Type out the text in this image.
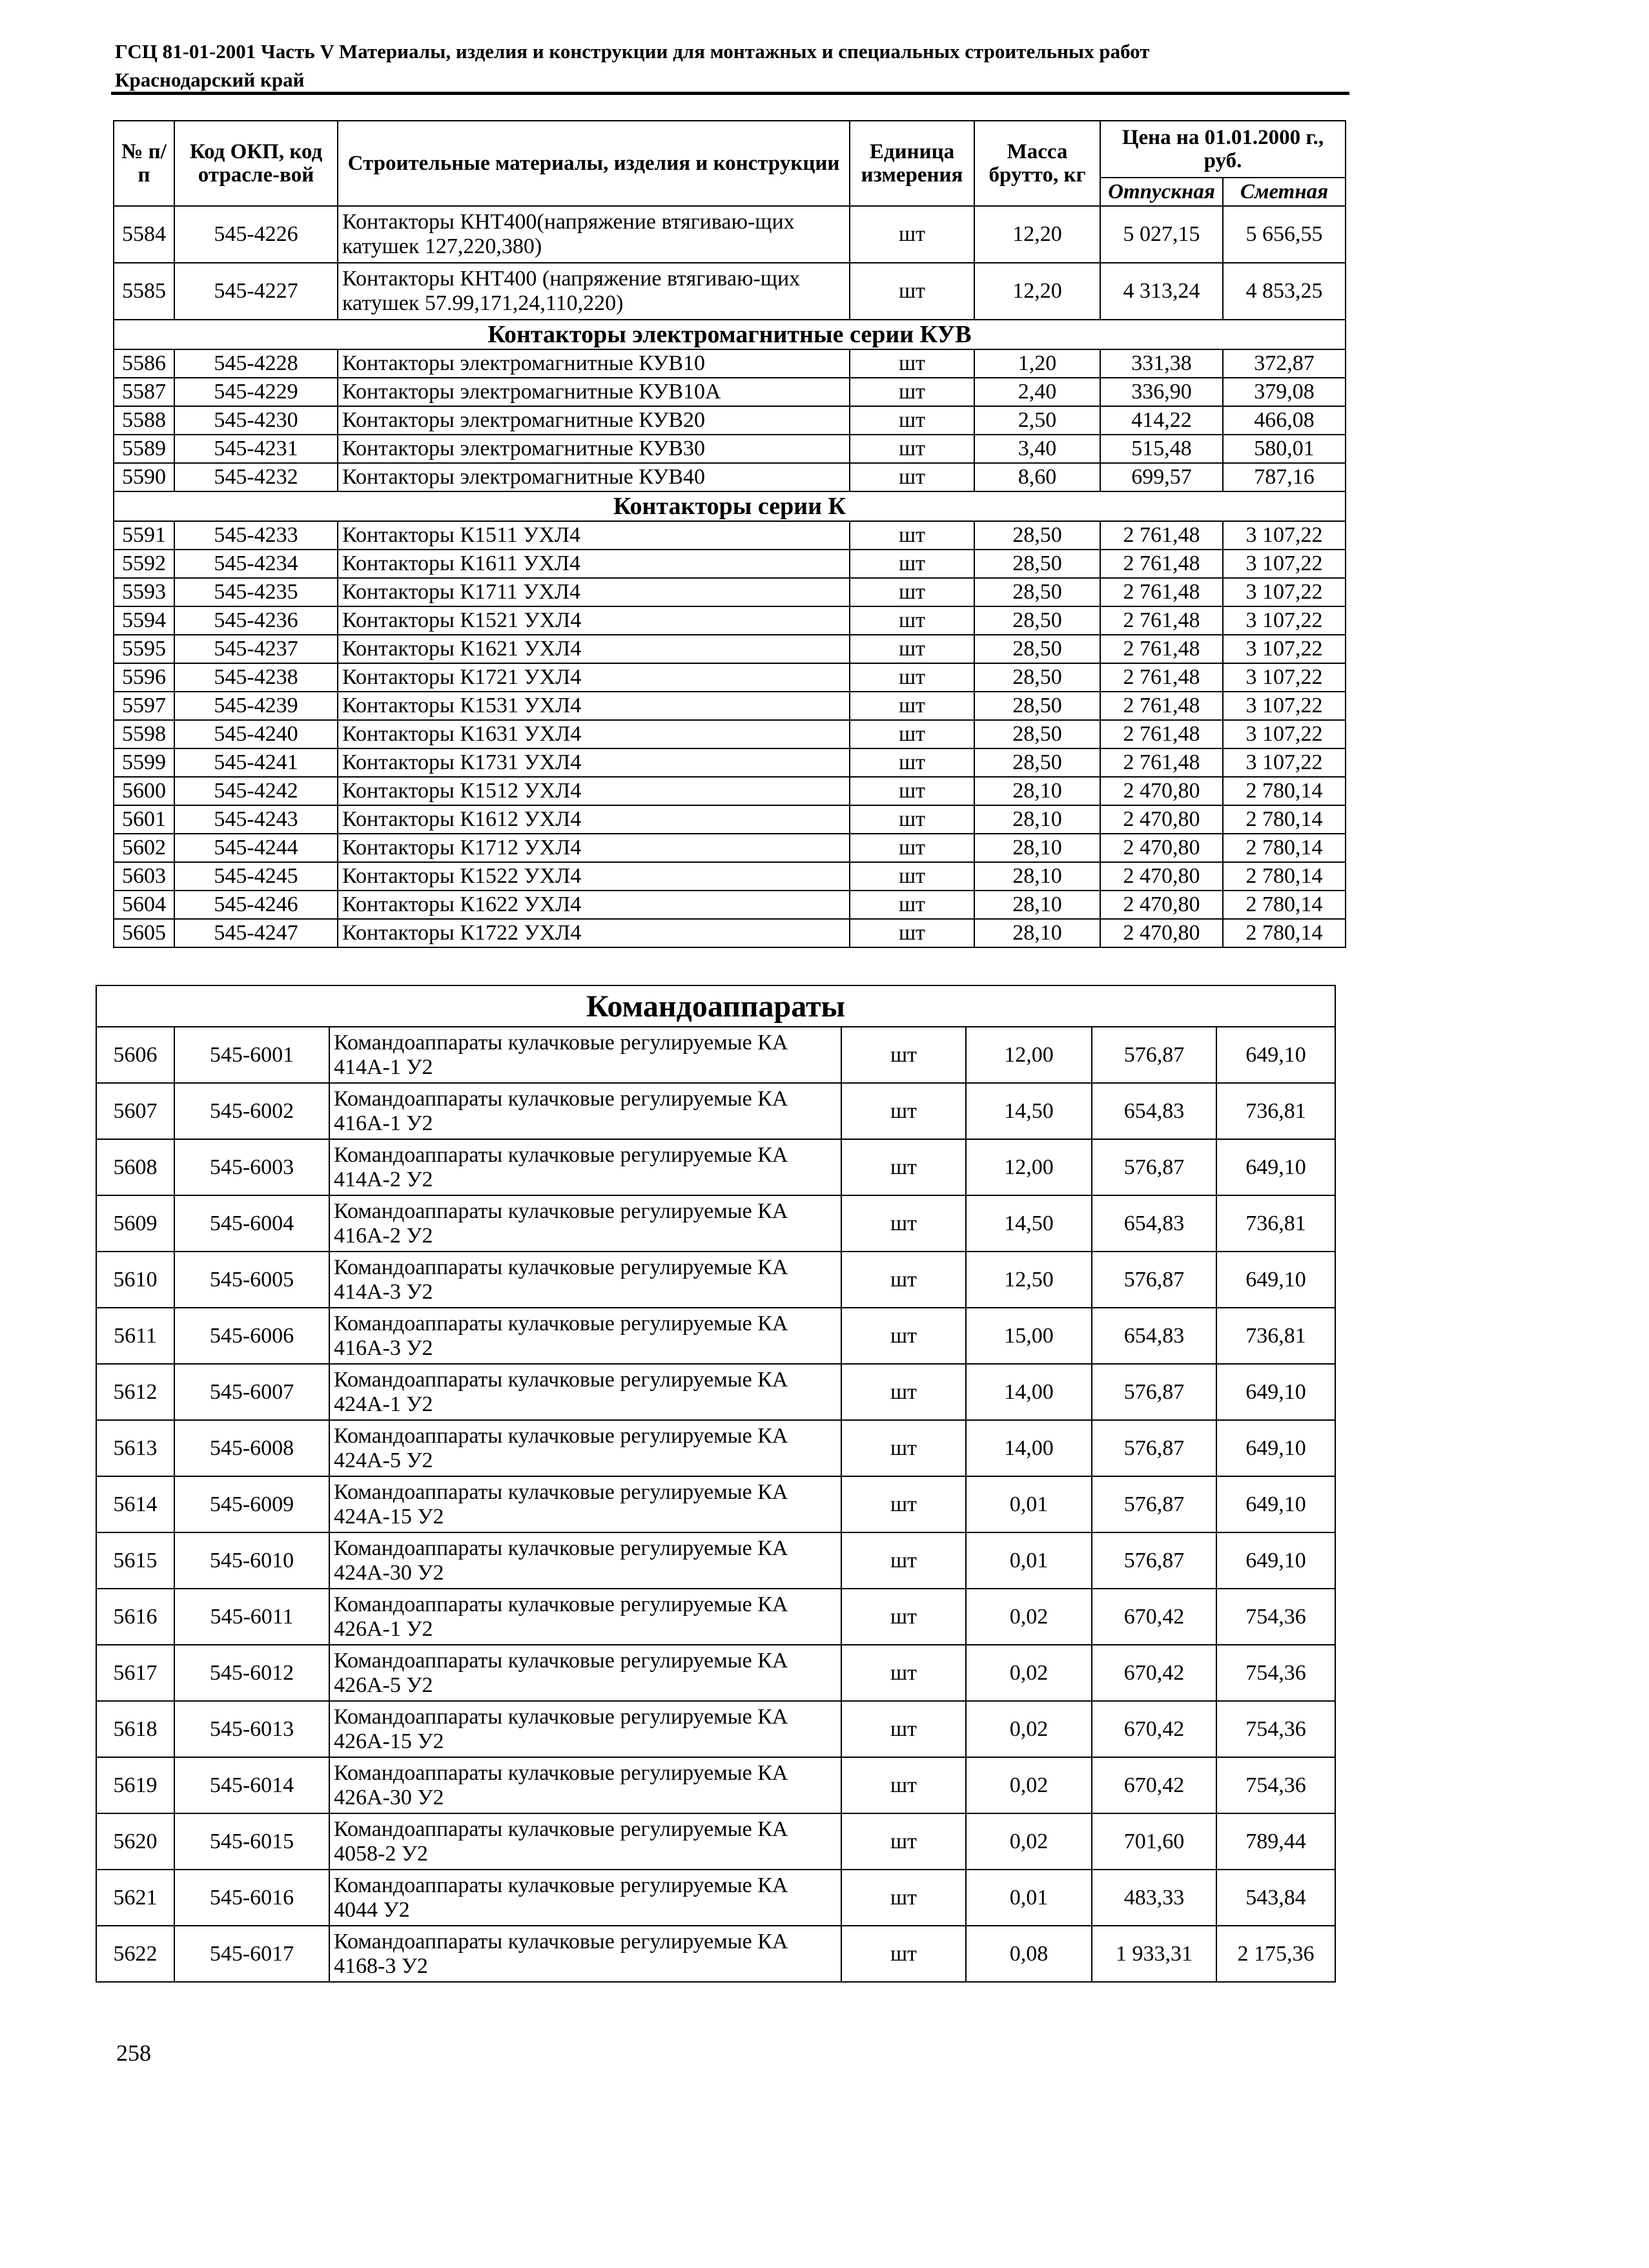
ГСЦ 81-01-2001 Часть V Материалы, изделия и конструкции для монтажных и специальных строительных работ
Краснодарский край
№ п/п	Код ОКП, код отрасле-вой	Строительные материалы, изделия и конструкции	Единица измерения	Масса брутто, кг	Цена на 01.01.2000 г., руб.	
					Отпускная	Сметная
5584	545-4226	Контакторы КНТ400(напряжение втягиваю-щих катушек 127,220,380)	шт	12,20	5 027,15	5 656,55
5585	545-4227	Контакторы КНТ400 (напряжение втягиваю-щих катушек 57.99,171,24,110,220)	шт	12,20	4 313,24	4 853,25
Контакторы электромагнитные серии КУВ						
5586	545-4228	Контакторы электромагнитные КУВ10	шт	1,20	331,38	372,87
5587	545-4229	Контакторы электромагнитные КУВ10А	шт	2,40	336,90	379,08
5588	545-4230	Контакторы электромагнитные КУВ20	шт	2,50	414,22	466,08
5589	545-4231	Контакторы электромагнитные КУВ30	шт	3,40	515,48	580,01
5590	545-4232	Контакторы электромагнитные КУВ40	шт	8,60	699,57	787,16
Контакторы серии К						
5591	545-4233	Контакторы К1511 УХЛ4	шт	28,50	2 761,48	3 107,22
5592	545-4234	Контакторы К1611 УХЛ4	шт	28,50	2 761,48	3 107,22
5593	545-4235	Контакторы К1711 УХЛ4	шт	28,50	2 761,48	3 107,22
5594	545-4236	Контакторы К1521 УХЛ4	шт	28,50	2 761,48	3 107,22
5595	545-4237	Контакторы К1621 УХЛ4	шт	28,50	2 761,48	3 107,22
5596	545-4238	Контакторы К1721 УХЛ4	шт	28,50	2 761,48	3 107,22
5597	545-4239	Контакторы К1531 УХЛ4	шт	28,50	2 761,48	3 107,22
5598	545-4240	Контакторы К1631 УХЛ4	шт	28,50	2 761,48	3 107,22
5599	545-4241	Контакторы К1731 УХЛ4	шт	28,50	2 761,48	3 107,22
5600	545-4242	Контакторы К1512 УХЛ4	шт	28,10	2 470,80	2 780,14
5601	545-4243	Контакторы К1612 УХЛ4	шт	28,10	2 470,80	2 780,14
5602	545-4244	Контакторы К1712 УХЛ4	шт	28,10	2 470,80	2 780,14
5603	545-4245	Контакторы К1522 УХЛ4	шт	28,10	2 470,80	2 780,14
5604	545-4246	Контакторы К1622 УХЛ4	шт	28,10	2 470,80	2 780,14
5605	545-4247	Контакторы К1722 УХЛ4	шт	28,10	2 470,80	2 780,14
Командоаппараты						
5606	545-6001	Командоаппараты кулачковые регулируемые КА 414А-1 У2	шт	12,00	576,87	649,10
5607	545-6002	Командоаппараты кулачковые регулируемые КА 416А-1 У2	шт	14,50	654,83	736,81
5608	545-6003	Командоаппараты кулачковые регулируемые КА 414А-2 У2	шт	12,00	576,87	649,10
5609	545-6004	Командоаппараты кулачковые регулируемые КА 416А-2 У2	шт	14,50	654,83	736,81
5610	545-6005	Командоаппараты кулачковые регулируемые КА 414А-3 У2	шт	12,50	576,87	649,10
5611	545-6006	Командоаппараты кулачковые регулируемые КА 416А-3 У2	шт	15,00	654,83	736,81
5612	545-6007	Командоаппараты кулачковые регулируемые КА 424А-1 У2	шт	14,00	576,87	649,10
5613	545-6008	Командоаппараты кулачковые регулируемые КА 424А-5 У2	шт	14,00	576,87	649,10
5614	545-6009	Командоаппараты кулачковые регулируемые КА 424А-15 У2	шт	0,01	576,87	649,10
5615	545-6010	Командоаппараты кулачковые регулируемые КА 424А-30 У2	шт	0,01	576,87	649,10
5616	545-6011	Командоаппараты кулачковые регулируемые КА 426А-1 У2	шт	0,02	670,42	754,36
5617	545-6012	Командоаппараты кулачковые регулируемые КА 426А-5 У2	шт	0,02	670,42	754,36
5618	545-6013	Командоаппараты кулачковые регулируемые КА 426А-15 У2	шт	0,02	670,42	754,36
5619	545-6014	Командоаппараты кулачковые регулируемые КА 426А-30 У2	шт	0,02	670,42	754,36
5620	545-6015	Командоаппараты кулачковые регулируемые КА 4058-2 У2	шт	0,02	701,60	789,44
5621	545-6016	Командоаппараты кулачковые регулируемые КА 4044 У2	шт	0,01	483,33	543,84
5622	545-6017	Командоаппараты кулачковые регулируемые КА 4168-3 У2	шт	0,08	1 933,31	2 175,36
258
